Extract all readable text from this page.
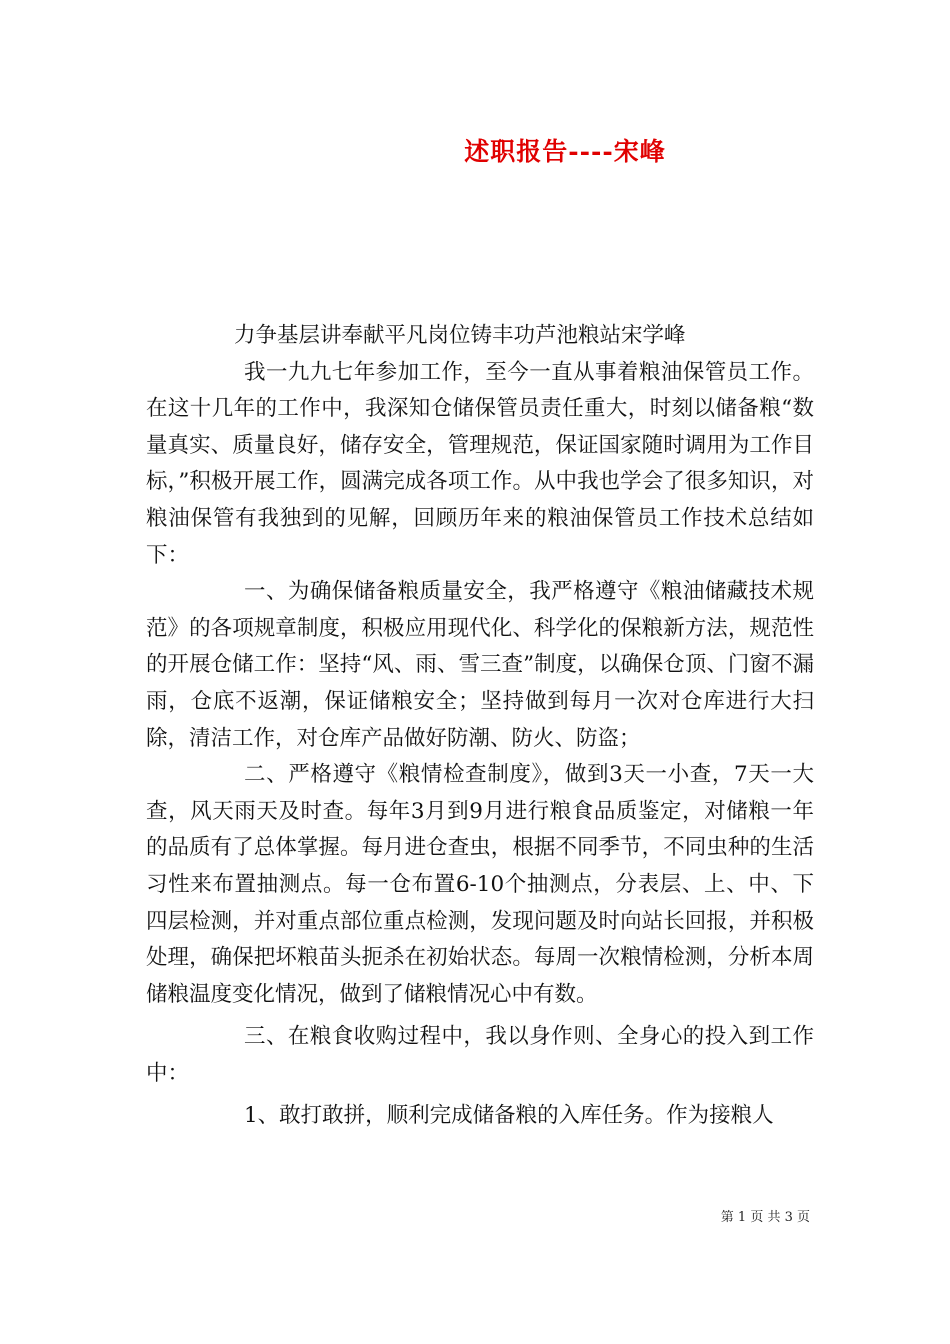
述职报告----宋峰

力争基层讲奉献平凡岗位铸丰功芦池粮站宋学峰

我一九九七年参加工作，至今一直从事着粮油保管员工作。在这十几年的工作中，我深知仓储保管员责任重大，时刻以储备粮“数量真实、质量良好，储存安全，管理规范，保证国家随时调用为工作目标，”积极开展工作，圆满完成各项工作。从中我也学会了很多知识，对粮油保管有我独到的见解，回顾历年来的粮油保管员工作技术总结如下：

一、为确保储备粮质量安全，我严格遵守《粮油储藏技术规范》的各项规章制度，积极应用现代化、科学化的保粮新方法，规范性的开展仓储工作：坚持“风、雨、雪三查”制度，以确保仓顶、门窗不漏雨，仓底不返潮，保证储粮安全；坚持做到每月一次对仓库进行大扫除，清洁工作，对仓库产品做好防潮、防火、防盗；

二、严格遵守《粮情检查制度》，做到3天一小查，7天一大查，风天雨天及时查。每年3月到9月进行粮食品质鉴定，对储粮一年的品质有了总体掌握。每月进仓查虫，根据不同季节，不同虫种的生活习性来布置抽测点。每一仓布置6-10个抽测点，分表层、上、中、下四层检测，并对重点部位重点检测，发现问题及时向站长回报，并积极处理，确保把坏粮苗头扼杀在初始状态。每周一次粮情检测，分析本周储粮温度变化情况，做到了储粮情况心中有数。

三、在粮食收购过程中，我以身作则、全身心的投入到工作中：

1、敢打敢拼，顺利完成储备粮的入库任务。作为接粮人

第 1 页 共 3 页
